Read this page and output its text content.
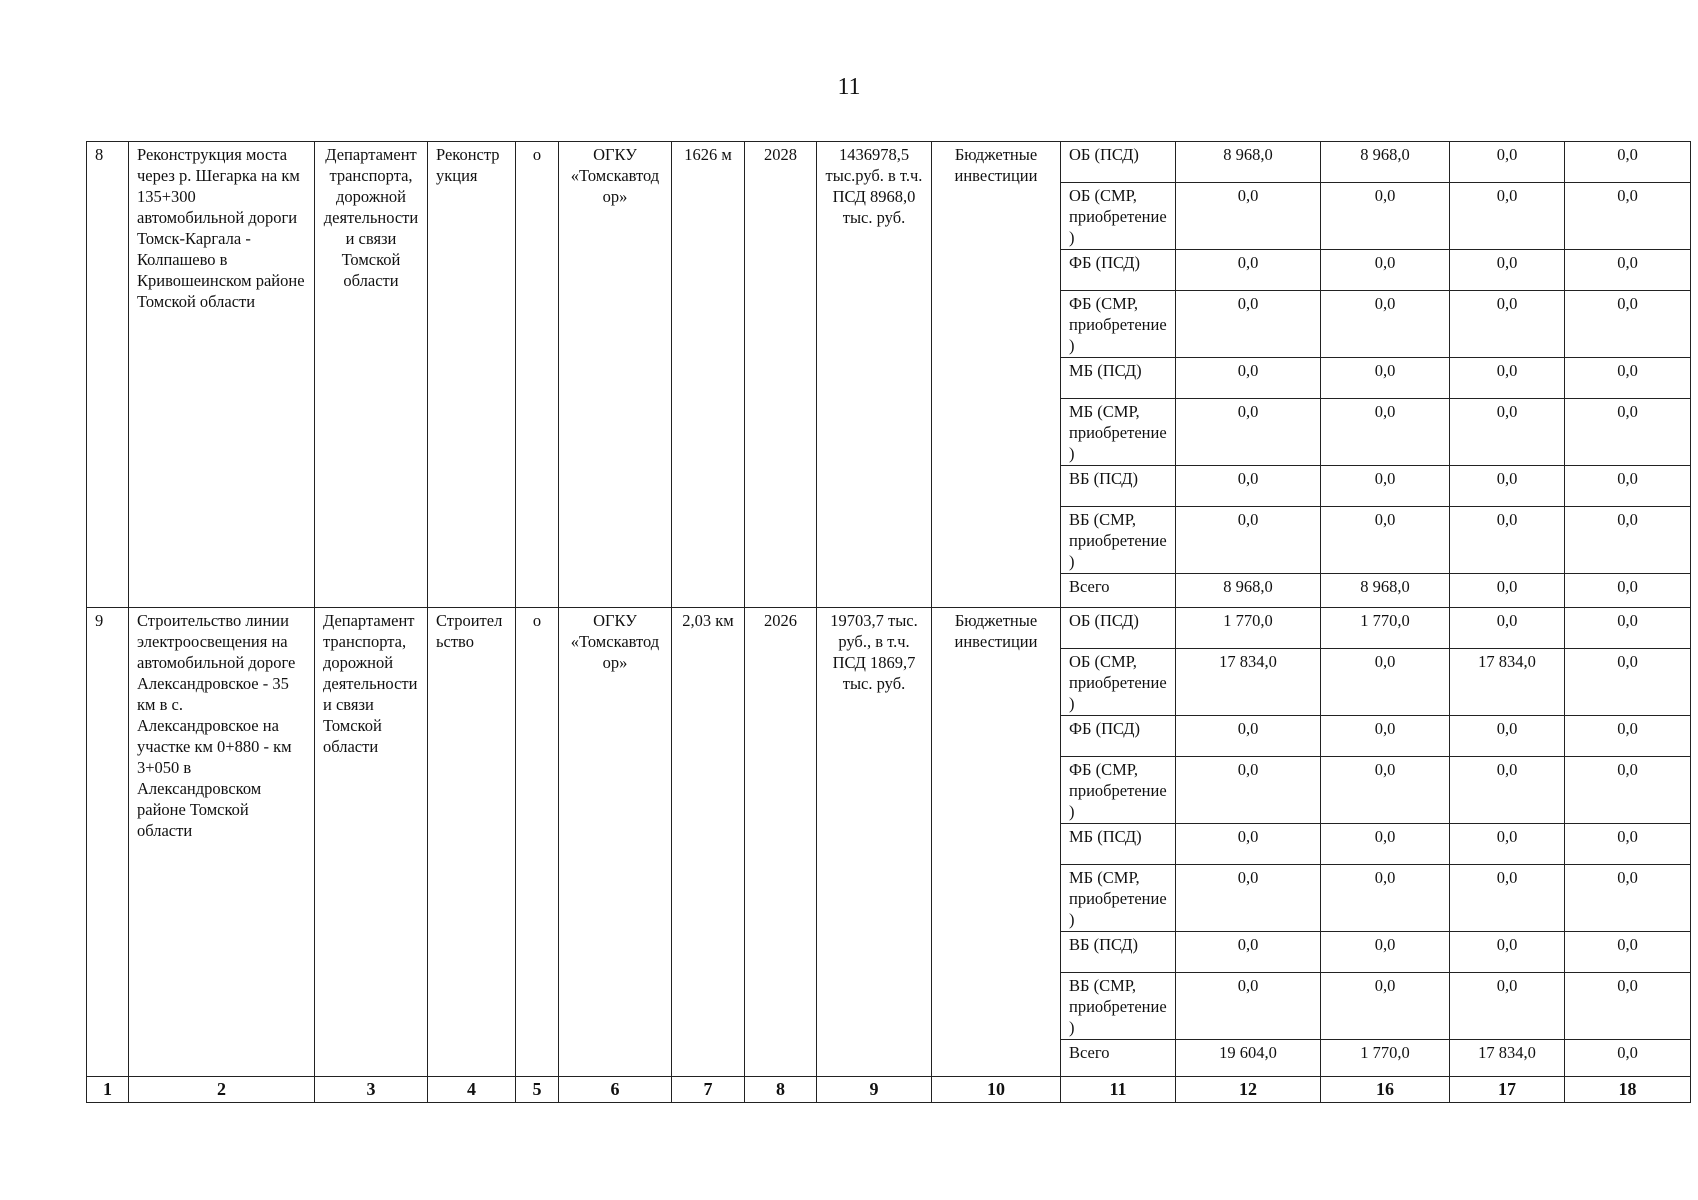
11
8	Реконструкция моста через р. Шегарка на км 135+300 автомобильной дороги Томск-Каргала - Колпашево в Кривошеинском районе Томской области	Департамент транспорта, дорожной деятельности и связи Томской области	Реконструкция	о	ОГКУ «Томскавтодор»	1626 м	2028	1436978,5 тыс.руб. в т.ч. ПСД 8968,0 тыс. руб.	Бюджетные инвестиции	ОБ (ПСД)	8 968,0	8 968,0	0,0	0,0
										ОБ (СМР, приобретение)	0,0	0,0	0,0	0,0
										ФБ (ПСД)	0,0	0,0	0,0	0,0
										ФБ (СМР, приобретение)	0,0	0,0	0,0	0,0
										МБ (ПСД)	0,0	0,0	0,0	0,0
										МБ (СМР, приобретение)	0,0	0,0	0,0	0,0
										ВБ (ПСД)	0,0	0,0	0,0	0,0
										ВБ (СМР, приобретение)	0,0	0,0	0,0	0,0
										Всего	8 968,0	8 968,0	0,0	0,0
9	Строительство линии электроосвещения на автомобильной дороге Александровское - 35 км в с. Александровское на участке км 0+880 - км 3+050 в Александровском районе Томской области	Департамент транспорта, дорожной деятельности и связи Томской области	Строительство	о	ОГКУ «Томскавтодор»	2,03 км	2026	19703,7 тыс. руб., в т.ч. ПСД 1869,7 тыс. руб.	Бюджетные инвестиции	ОБ (ПСД)	1 770,0	1 770,0	0,0	0,0
										ОБ (СМР, приобретение)	17 834,0	0,0	17 834,0	0,0
										ФБ (ПСД)	0,0	0,0	0,0	0,0
										ФБ (СМР, приобретение)	0,0	0,0	0,0	0,0
										МБ (ПСД)	0,0	0,0	0,0	0,0
										МБ (СМР, приобретение)	0,0	0,0	0,0	0,0
										ВБ (ПСД)	0,0	0,0	0,0	0,0
										ВБ (СМР, приобретение)	0,0	0,0	0,0	0,0
										Всего	19 604,0	1 770,0	17 834,0	0,0
1	2	3	4	5	6	7	8	9	10	11	12	16	17	18
